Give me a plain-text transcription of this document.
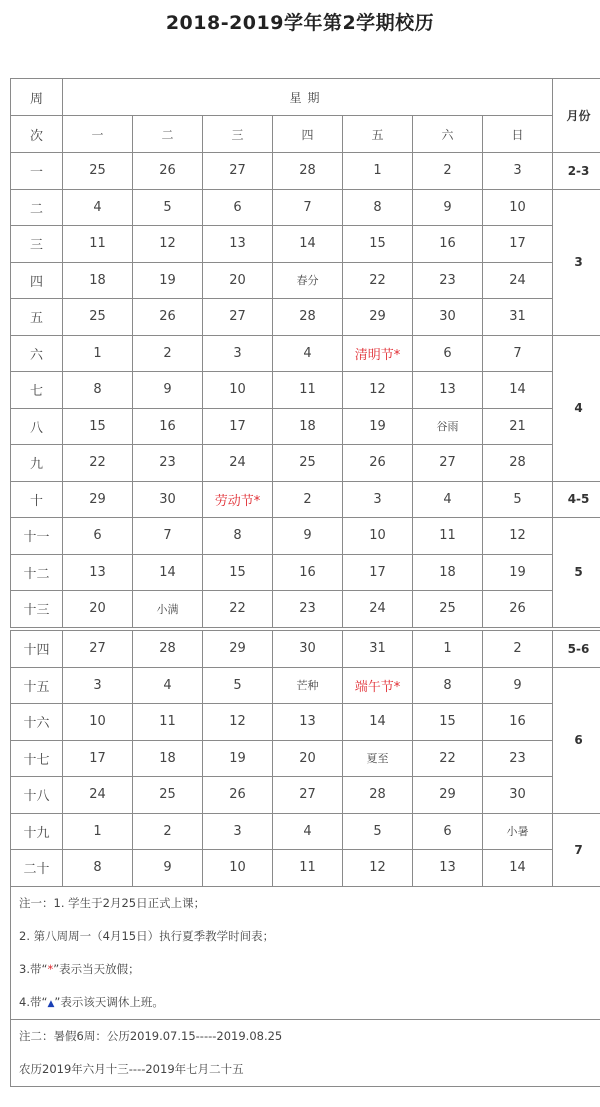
2018-2019学年第2学期校历
周	星期							月份
次	一	二	三	四	五	六	日	
一	25	26	27	28	1	2	3	2-3
二	4	5	6	7	8	9	10	3
三	11	12	13	14	15	16	17	
四	18	19	20	春分	22	23	24	
五	25	26	27	28	29	30	31	
六	1	2	3	4	清明节*	6	7	4
七	8	9	10	11	12	13	14	
八	15	16	17	18	19	谷雨	21	
九	22	23	24	25	26	27	28	
十	29	30	劳动节*	2	3	4	5	4-5
十一	6	7	8	9	10	11	12	5
十二	13	14	15	16	17	18	19	
十三	20	小满	22	23	24	25	26	
十四	27	28	29	30	31	1	2	5-6
十五	3	4	5	芒种	端午节*	8	9	6
十六	10	11	12	13	14	15	16	
十七	17	18	19	20	夏至	22	23	
十八	24	25	26	27	28	29	30	
十九	1	2	3	4	5	6	小暑	7
二十	8	9	10	11	12	13	14	

注一：1. 学生于2月25日正式上课；
2. 第八周周一（4月15日）执行夏季教学时间表；
3.带“*”表示当天放假；
4.带“▲”表示该天调休上班。								

注二：暑假6周：公历2019.07.15-----2019.08.25
农历2019年六月十三----2019年七月二十五								
